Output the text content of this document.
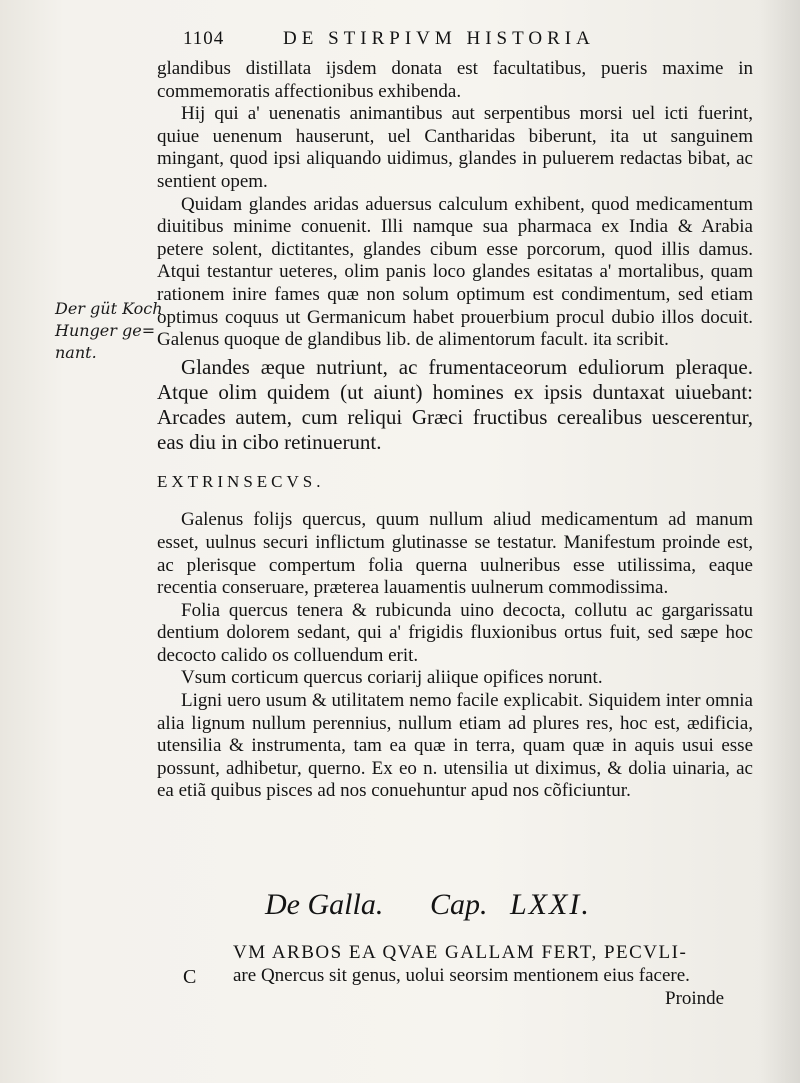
1104	DE STIRPIVM HISTORIA
Der güt Koch
Hunger ge=
nant.

glandibus distillata ijsdem donata est facultatibus, pueris maxime in commemoratis affectionibus exhibenda.

Hij qui a' uenenatis animantibus aut serpentibus morsi uel icti fuerint, quiue uenenum hauserunt, uel Cantharidas biberunt, ita ut sanguinem mingant, quod ipsi aliquando uidimus, glandes in puluerem redactas bibat, ac sentient opem.

Quidam glandes aridas aduersus calculum exhibent, quod medicamentum diuitibus minime conuenit. Illi namque sua pharmaca ex India & Arabia petere solent, dictitantes, glandes cibum esse porcorum, quod illis damus. Atqui testantur ueteres, olim panis loco glandes esitatas a' mortalibus, quam rationem inire fames quæ non solum optimum est condimentum, sed etiam optimus coquus ut Germanicum habet prouerbium procul dubio illos docuit. Galenus quoque de glandibus lib. de alimentorum facult. ita scribit.

Glandes æque nutriunt, ac frumentaceorum eduliorum pleraque. Atque olim quidem (ut aiunt) homines ex ipsis duntaxat uiuebant: Arcades autem, cum reliqui Græci fructibus cerealibus uescerentur, eas diu in cibo retinuerunt.

EXTRINSECVS.

Galenus folijs quercus, quum nullum aliud medicamentum ad manum esset, uulnus securi inflictum glutinasse se testatur. Manifestum proinde est, ac plerisque compertum folia querna uulneribus esse utilissima, eaque recentia conseruare, præterea lauamentis uulnerum commodissima.

Folia quercus tenera & rubicunda uino decocta, collutu ac gargarissatu dentium dolorem sedant, qui a' frigidis fluxionibus ortus fuit, sed sæpe hoc decocto calido os colluendum erit.

Vsum corticum quercus coriarij aliique opifices norunt.

Ligni uero usum & utilitatem nemo facile explicabit. Siquidem inter omnia alia lignum nullum perennius, nullum etiam ad plures res, hoc est, ædificia, utensilia & instrumenta, tam ea quæ in terra, quam quæ in aquis usui esse possunt, adhibetur, querno. Ex eo n. utensilia ut diximus, & dolia uinaria, ac ea etiã quibus pisces ad nos conuehuntur apud nos cõficiuntur.

De Galla. Cap. LXXI.
C
VM ARBOS EA QVAE GALLAM FERT, PECVLI-
are Qnercus sit genus, uolui seorsim mentionem eius facere.
Proinde
